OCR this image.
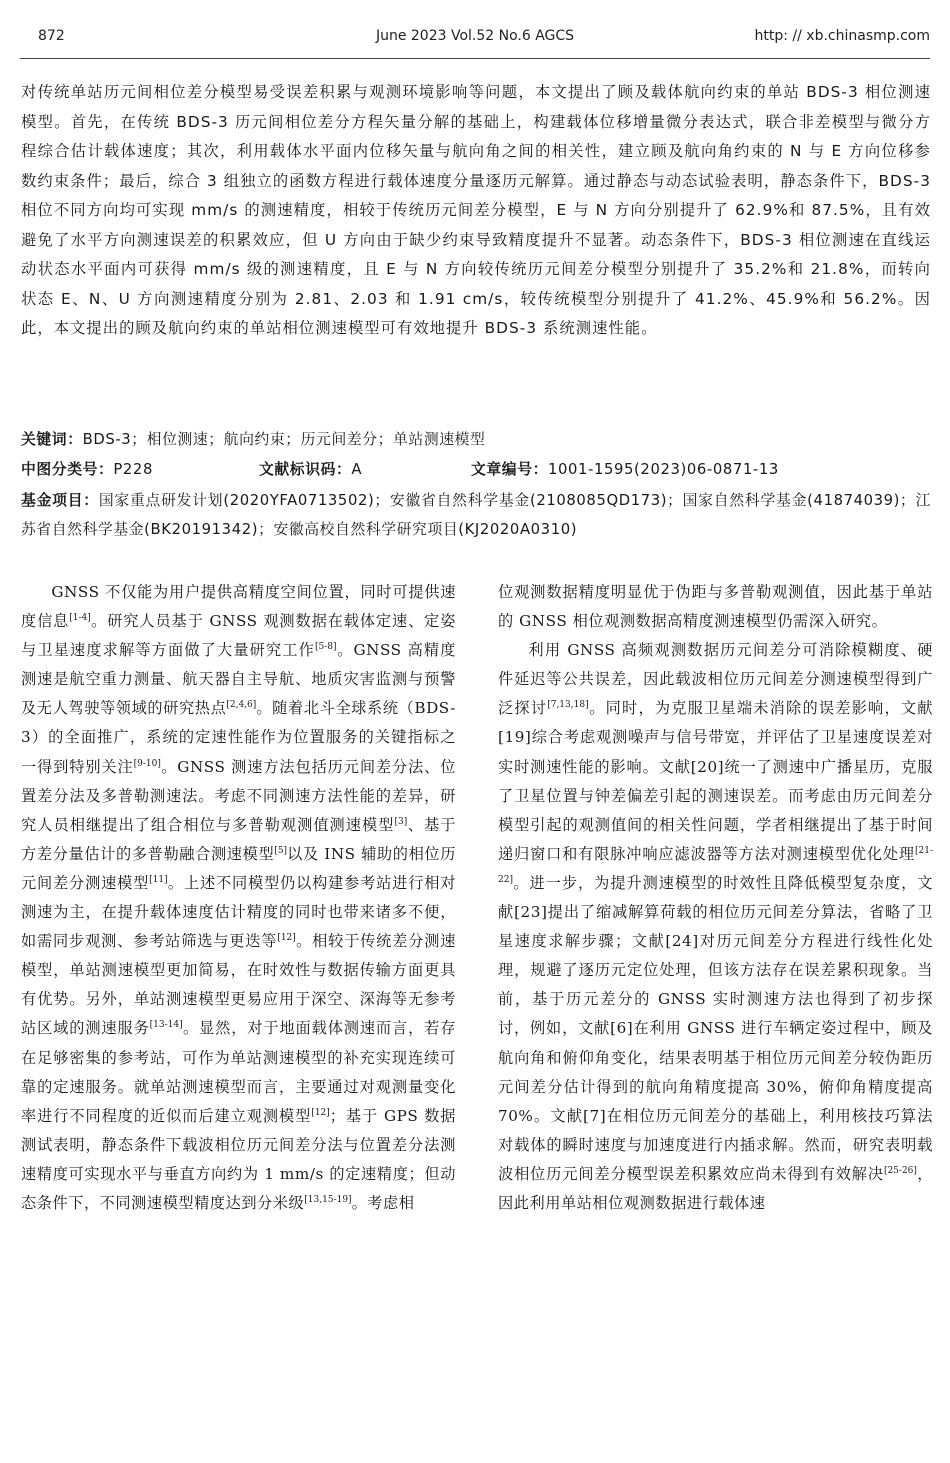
872	June 2023 Vol.52 No.6 AGCS	http: // xb.chinasmp.com

对传统单站历元间相位差分模型易受误差积累与观测环境影响等问题，本文提出了顾及载体航向约束的单站 BDS-3 相位测速模型。首先，在传统 BDS-3 历元间相位差分方程矢量分解的基础上，构建载体位移增量微分表达式，联合非差模型与微分方程综合估计载体速度；其次，利用载体水平面内位移矢量与航向角之间的相关性，建立顾及航向角约束的 N 与 E 方向位移参数约束条件；最后，综合 3 组独立的函数方程进行载体速度分量逐历元解算。通过静态与动态试验表明，静态条件下，BDS-3 相位不同方向均可实现 mm/s 的测速精度，相较于传统历元间差分模型，E 与 N 方向分别提升了 62.9%和 87.5%，且有效避免了水平方向测速误差的积累效应，但 U 方向由于缺少约束导致精度提升不显著。动态条件下，BDS-3 相位测速在直线运动状态水平面内可获得 mm/s 级的测速精度，且 E 与 N 方向较传统历元间差分模型分别提升了 35.2%和 21.8%，而转向状态 E、N、U 方向测速精度分别为 2.81、2.03 和 1.91 cm/s，较传统模型分别提升了 41.2%、45.9%和 56.2%。因此，本文提出的顾及航向约束的单站相位测速模型可有效地提升 BDS-3 系统测速性能。

关键词：BDS-3；相位测速；航向约束；历元间差分；单站测速模型
中图分类号：P228	文献标识码：A	文章编号：1001-1595(2023)06-0871-13
基金项目：国家重点研发计划(2020YFA0713502)；安徽省自然科学基金(2108085QD173)；国家自然科学基金(41874039)；江苏省自然科学基金(BK20191342)；安徽高校自然科学研究项目(KJ2020A0310)

GNSS 不仅能为用户提供高精度空间位置，同时可提供速度信息[1-4]。研究人员基于 GNSS 观测数据在载体定速、定姿与卫星速度求解等方面做了大量研究工作[5-8]。GNSS 高精度测速是航空重力测量、航天器自主导航、地质灾害监测与预警及无人驾驶等领域的研究热点[2,4,6]。随着北斗全球系统（BDS-3）的全面推广，系统的定速性能作为位置服务的关键指标之一得到特别关注[9-10]。GNSS 测速方法包括历元间差分法、位置差分法及多普勒测速法。考虑不同测速方法性能的差异，研究人员相继提出了组合相位与多普勒观测值测速模型[3]、基于方差分量估计的多普勒融合测速模型[5]以及 INS 辅助的相位历元间差分测速模型[11]。上述不同模型仍以构建参考站进行相对测速为主，在提升载体速度估计精度的同时也带来诸多不便，如需同步观测、参考站筛选与更迭等[12]。相较于传统差分测速模型，单站测速模型更加简易，在时效性与数据传输方面更具有优势。另外，单站测速模型更易应用于深空、深海等无参考站区域的测速服务[13-14]。显然，对于地面载体测速而言，若存在足够密集的参考站，可作为单站测速模型的补充实现连续可靠的定速服务。就单站测速模型而言，主要通过对观测量变化率进行不同程度的近似而后建立观测模型[12]；基于 GPS 数据测试表明，静态条件下载波相位历元间差分法与位置差分法测速精度可实现水平与垂直方向约为 1 mm/s 的定速精度；但动态条件下，不同测速模型精度达到分米级[13,15-19]。考虑相

位观测数据精度明显优于伪距与多普勒观测值，因此基于单站的 GNSS 相位观测数据高精度测速模型仍需深入研究。

利用 GNSS 高频观测数据历元间差分可消除模糊度、硬件延迟等公共误差，因此载波相位历元间差分测速模型得到广泛探讨[7,13,18]。同时，为克服卫星端未消除的误差影响，文献[19]综合考虑观测噪声与信号带宽，并评估了卫星速度误差对实时测速性能的影响。文献[20]统一了测速中广播星历，克服了卫星位置与钟差偏差引起的测速误差。而考虑由历元间差分模型引起的观测值间的相关性问题，学者相继提出了基于时间递归窗口和有限脉冲响应滤波器等方法对测速模型优化处理[21-22]。进一步，为提升测速模型的时效性且降低模型复杂度，文献[23]提出了缩减解算荷载的相位历元间差分算法，省略了卫星速度求解步骤；文献[24]对历元间差分方程进行线性化处理，规避了逐历元定位处理，但该方法存在误差累积现象。当前，基于历元差分的 GNSS 实时测速方法也得到了初步探讨，例如，文献[6]在利用 GNSS 进行车辆定姿过程中，顾及航向角和俯仰角变化，结果表明基于相位历元间差分较伪距历元间差分估计得到的航向角精度提高 30%，俯仰角精度提高 70%。文献[7]在相位历元间差分的基础上，利用核技巧算法对载体的瞬时速度与加速度进行内插求解。然而，研究表明载波相位历元间差分模型误差积累效应尚未得到有效解决[25-26]，因此利用单站相位观测数据进行载体速
